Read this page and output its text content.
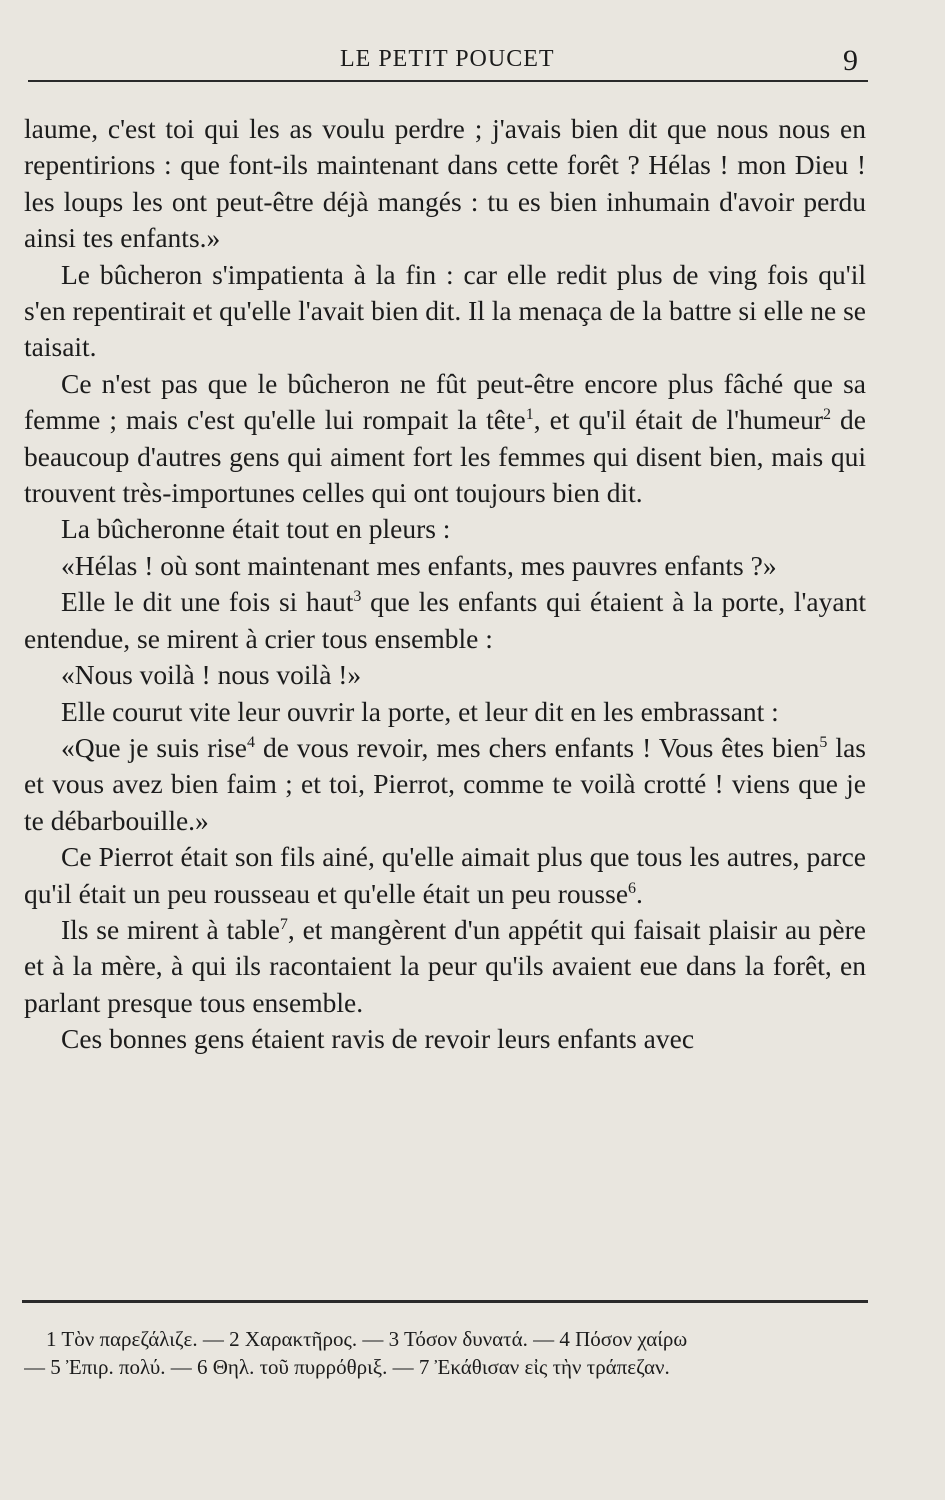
LE PETIT POUCET	9

laume, c'est toi qui les as voulu perdre ; j'avais bien dit que nous nous en repentirions : que font-ils maintenant dans cette forêt ? Hélas ! mon Dieu ! les loups les ont peut-être déjà mangés : tu es bien inhumain d'avoir perdu ainsi tes enfants.»

Le bûcheron s'impatienta à la fin : car elle redit plus de ving fois qu'il s'en repentirait et qu'elle l'avait bien dit. Il la menaça de la battre si elle ne se taisait.

Ce n'est pas que le bûcheron ne fût peut-être encore plus fâché que sa femme ; mais c'est qu'elle lui rompait la tête$^1$, et qu'il était de l'humeur$^2$ de beaucoup d'autres gens qui aiment fort les femmes qui disent bien, mais qui trouvent très-importunes celles qui ont toujours bien dit.

La bûcheronne était tout en pleurs :

«Hélas ! où sont maintenant mes enfants, mes pauvres enfants ?»

Elle le dit une fois si haut$^3$ que les enfants qui étaient à la porte, l'ayant entendue, se mirent à crier tous ensemble :

«Nous voilà ! nous voilà !»

Elle courut vite leur ouvrir la porte, et leur dit en les embrassant :

«Que je suis rise$^4$ de vous revoir, mes chers enfants ! Vous êtes bien$^5$ las et vous avez bien faim ; et toi, Pierrot, comme te voilà crotté ! viens que je te débarbouille.»

Ce Pierrot était son fils ainé, qu'elle aimait plus que tous les autres, parce qu'il était un peu rousseau et qu'elle était un peu rousse$^6$.

Ils se mirent à table$^7$, et mangèrent d'un appétit qui faisait plaisir au père et à la mère, à qui ils racontaient la peur qu'ils avaient eue dans la forêt, en parlant presque tous ensemble.

Ces bonnes gens étaient ravis de revoir leurs enfants avec

1 Τὸν παρεζάλιζε. — 2 Χαρακτῆρος. — 3 Τόσον δυνατά. — 4 Πόσον χαίρω
— 5 Ἐπιρ. πολύ. — 6 Θηλ. τοῦ πυρρόθριξ. — 7 Ἐκάθισαν εἰς τὴν τράπεζαν.
